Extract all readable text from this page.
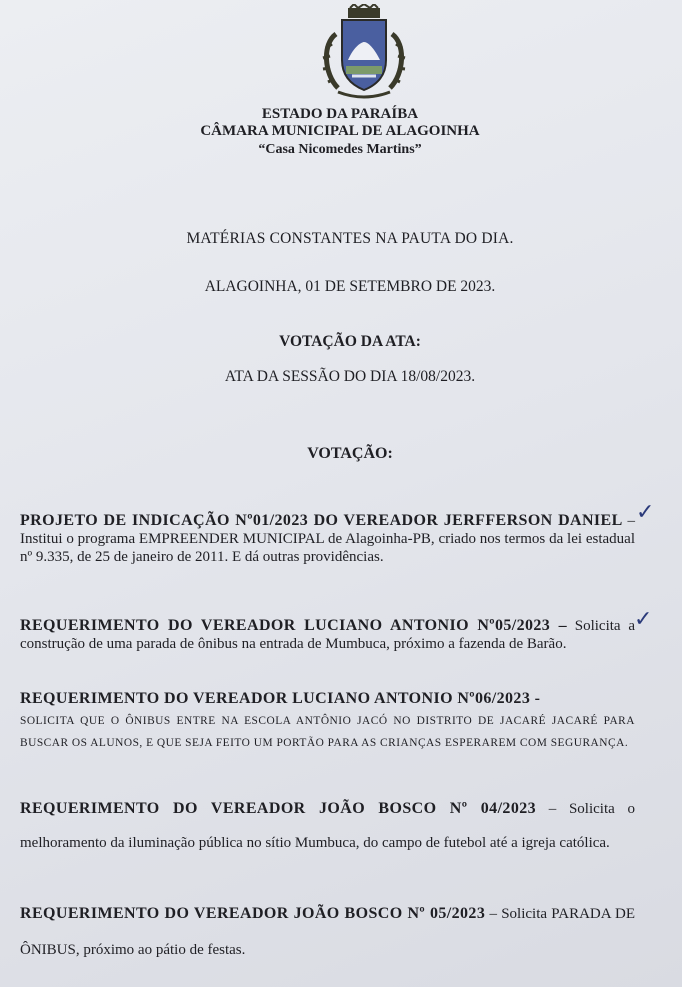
ESTADO DA PARAÍBA
CÂMARA MUNICIPAL DE ALAGOINHA
“Casa Nicomedes Martins”
MATÉRIAS CONSTANTES NA PAUTA DO DIA.
ALAGOINHA, 01 DE SETEMBRO DE 2023.
VOTAÇÃO DA ATA:
ATA DA SESSÃO DO DIA 18/08/2023.
VOTAÇÃO:
PROJETO DE INDICAÇÃO Nº01/2023 DO VEREADOR JERFFERSON DANIEL – Institui o programa EMPREENDER MUNICIPAL de Alagoinha-PB, criado nos termos da lei estadual nº 9.335, de 25 de janeiro de 2011. E dá outras providências.
✓
REQUERIMENTO DO VEREADOR LUCIANO ANTONIO Nº05/2023 – Solicita a construção de uma parada de ônibus na entrada de Mumbuca, próximo a fazenda de Barão.
✓
REQUERIMENTO DO VEREADOR LUCIANO ANTONIO Nº06/2023 -
SOLICITA QUE O ÔNIBUS ENTRE NA ESCOLA ANTÔNIO JACÓ NO DISTRITO DE JACARÉ JACARÉ PARA BUSCAR OS ALUNOS, E QUE SEJA FEITO UM PORTÃO PARA AS CRIANÇAS ESPERAREM COM SEGURANÇA.
REQUERIMENTO DO VEREADOR JOÃO BOSCO Nº 04/2023 – Solicita o melhoramento da iluminação pública no sítio Mumbuca, do campo de futebol até a igreja católica.
REQUERIMENTO DO VEREADOR JOÃO BOSCO Nº 05/2023 – Solicita PARADA DE ÔNIBUS, próximo ao pátio de festas.
